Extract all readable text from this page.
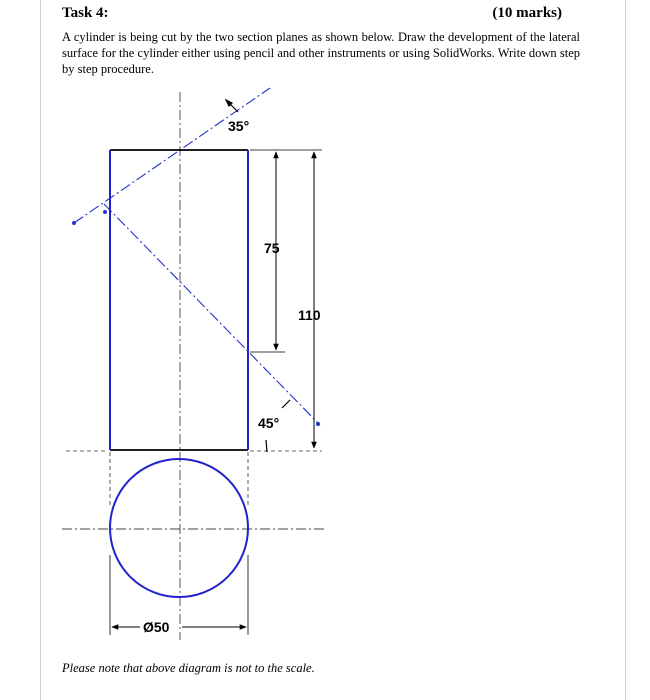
Task 4:	(10 marks)
A cylinder is being cut by the two section planes as shown below. Draw the development of the lateral surface for the cylinder either using pencil and other instruments or using SolidWorks. Write down step by step procedure.
75
110
35°
45°
Ø50
Please note that above diagram is not to the scale.
